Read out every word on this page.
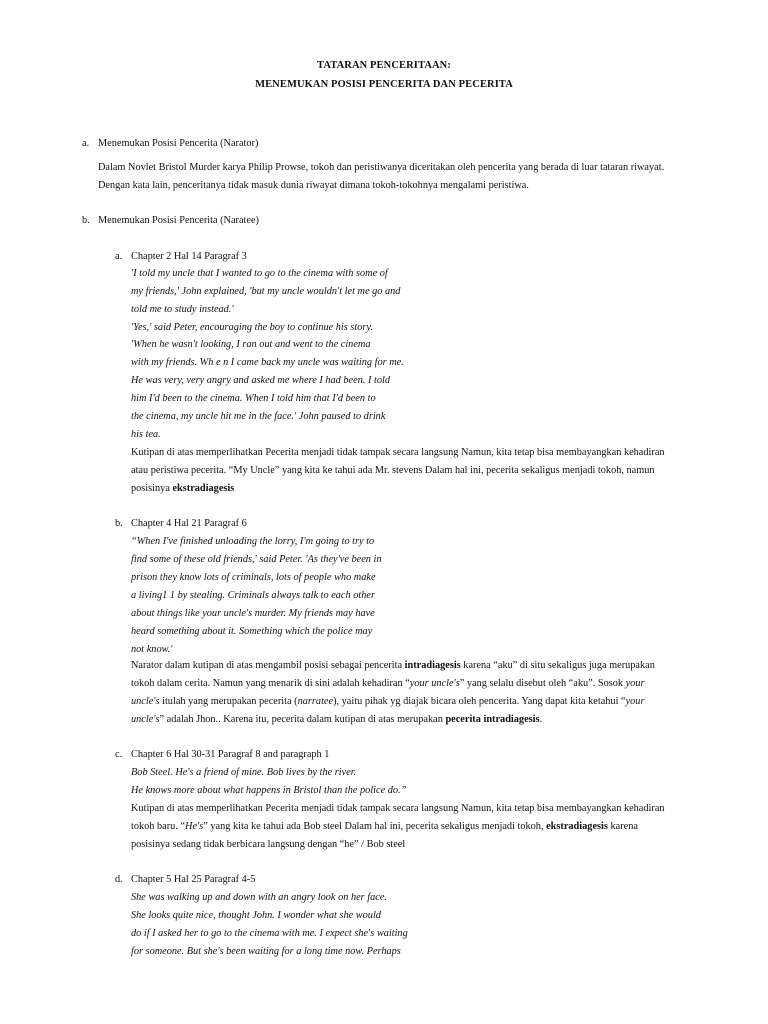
TATARAN PENCERITAAN:
MENEMUKAN POSISI PENCERITA DAN PECERITA
a. Menemukan Posisi Pencerita (Narator)
Dalam Novlet Bristol Murder karya Philip Prowse, tokoh dan peristiwanya diceritakan oleh pencerita yang berada di luar tataran riwayat.
Dengan kata lain, penceritanya tidak masuk dunia riwayat dimana tokoh-tokohnya mengalami peristiwa.
b. Menemukan Posisi Pencerita (Naratee)
a. Chapter 2 Hal 14 Paragraf 3
'I told my uncle that I wanted to go to the cinema with some of
my friends,' John explained, 'but my uncle wouldn't let me go and
told me to study instead.'
'Yes,' said Peter, encouraging the boy to continue his story.
'When he wasn't looking, I ran out and went to the cinema
with my friends. Wh e n I came back my uncle was waiting for me.
He was very, very angry and asked me where I had been. I told
him I'd been to the cinema. When I told him that I'd been to
the cinema, my uncle hit me in the face.' John paused to drink
his tea.
Kutipan di atas memperlihatkan Pecerita menjadi tidak tampak secara langsung Namun, kita tetap bisa membayangkan kehadiran
atau peristiwa pecerita. “My Uncle” yang kita ke tahui ada Mr. stevens Dalam hal ini, pecerita sekaligus menjadi tokoh, namun
posisinya ekstradiagesis
b. Chapter 4 Hal 21 Paragraf 6
“When I've finished unloading the lorry, I'm going to try to
find some of these old friends,' said Peter. 'As they've been in
prison they know lots of criminals, lots of people who make
a living1 1 by stealing. Criminals always talk to each other
about things like your uncle's murder. My friends may have
heard something about it. Something which the police may
not know.'
Narator dalam kutipan di atas mengambil posisi sebagai pencerita intradiagesis karena “aku” di situ sekaligus juga merupakan
tokoh dalam cerita. Namun yang menarik di sini adalah kehadiran “your uncle's” yang selalu disebut oleh “aku”. Sosok your
uncle's itulah yang merupakan pecerita (narratee), yaitu pihak yg diajak bicara oleh pencerita. Yang dapat kita ketahui “your
uncle's” adalah Jhon.. Karena itu, pecerita dalam kutipan di atas merupakan pecerita intradiagesis.
c. Chapter 6 Hal 30-31 Paragraf 8 and paragraph 1
Bob Steel. He's a friend of mine. Bob lives by the river.
He knows more about what happens in Bristol than the police do.”
Kutipan di atas memperlihatkan Pecerita menjadi tidak tampak secara langsung Namun, kita tetap bisa membayangkan kehadiran
tokoh baru. “He's” yang kita ke tahui ada Bob steel Dalam hal ini, pecerita sekaligus menjadi tokoh, ekstradiagesis karena
posisinya sedang tidak berbicara langsung dengan “he” / Bob steel
d. Chapter 5 Hal 25 Paragraf 4-5
She was walking up and down with an angry look on her face.
She looks quite nice, thought John. I wonder what she would
do if I asked her to go to the cinema with me. I expect she's waiting
for someone. But she's been waiting for a long time now. Perhaps
